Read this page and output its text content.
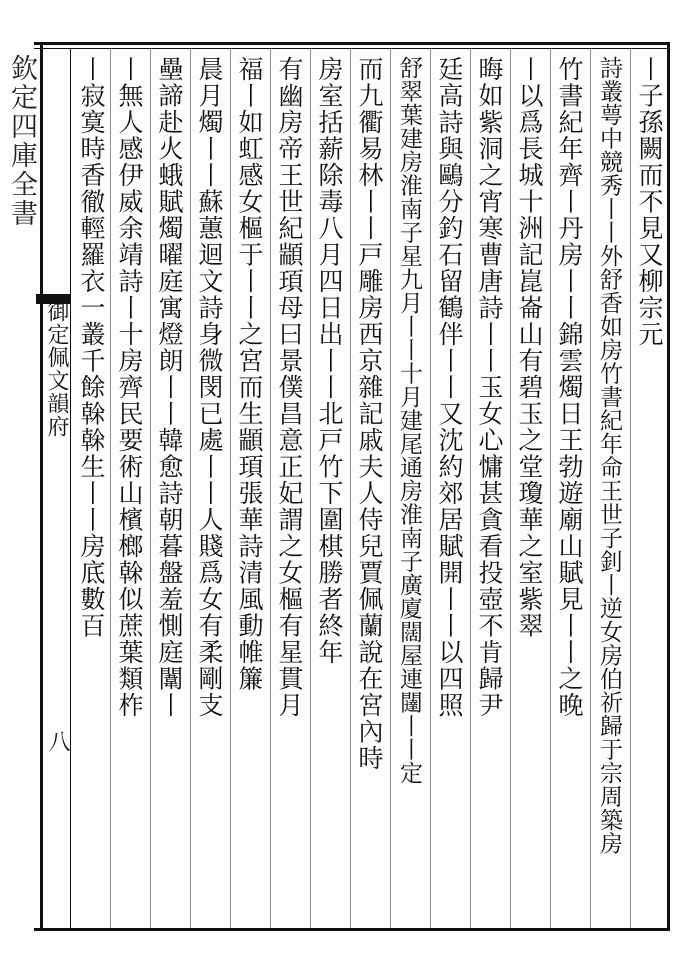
欽定四庫全書
御定佩文韻府
八
丨子孫闕而不見又柳宗元
詩叢萼中競秀丨丨外舒香如房竹書紀年命王世子釗丨逆女房伯祈歸于宗周築房
竹書紀年齊丨丹房丨丨錦雲燭日王勃遊廟山賦見丨丨之晚
丨以爲長城十洲記崑崙山有碧玉之堂瓊華之室紫翠
晦如紫洞之宵寒曹唐詩丨丨玉女心慵甚貪看投壺不肯歸尹
廷高詩與鷗分釣石留鶴伴丨丨又沈約郊居賦開丨丨以四照
舒翠葉建房淮南子星九月丨丨十月建尾通房淮南子廣廈闊屋連闥丨丨定
而九衢易林丨丨戸雕房西京雜記戚夫人侍兒賈佩蘭說在宮內時
房室括薪除毒八月四日出丨丨北戸竹下圍棋勝者終年
有幽房帝王世紀顓頊母曰景僕昌意正妃謂之女樞有星貫月
福丨如虹感女樞于丨丨之宮而生顓頊張華詩清風動帷簾
晨月燭丨丨蘇蕙迴文詩身微閔已處丨丨人賤爲女有柔剛支
壘諦赴火蛾賦燭曜庭寓燈朗丨丨韓愈詩朝暮盤羞惻庭闈丨
丨無人感伊威余靖詩丨十房齊民要術山檳榔榦似蔗葉類柞
丨寂寞時香徹輕羅衣一叢千餘榦榦生丨丨房底數百
